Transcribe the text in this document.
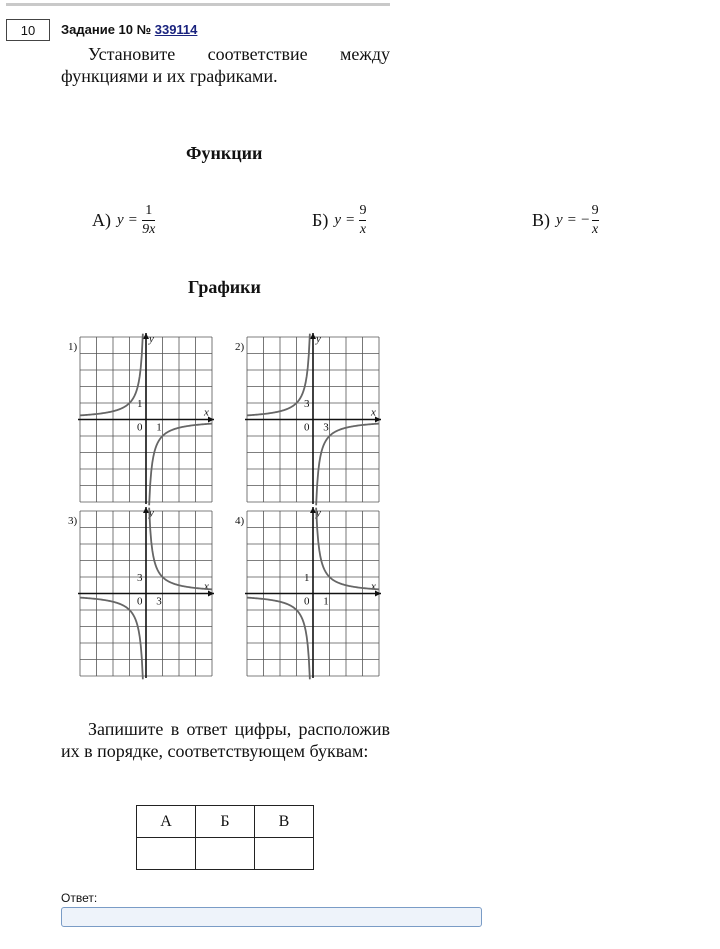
10	Задание 10 № 339114
Установите соответствие между функциями и их графиками.
Функции
А) $y = \frac{1}{9x}$	Б) $y = \frac{9}{x}$	В) y = − $\frac{9}{x}$
Графики
1)
y
x
0 1
1
2)
y
x
0 3
3
3)
y
x
0 3
3
4)
y
x
0 1
1
Запишите в ответ цифры, расположив их в порядке, соответствующем буквам:
А	Б	В

Ответ:
